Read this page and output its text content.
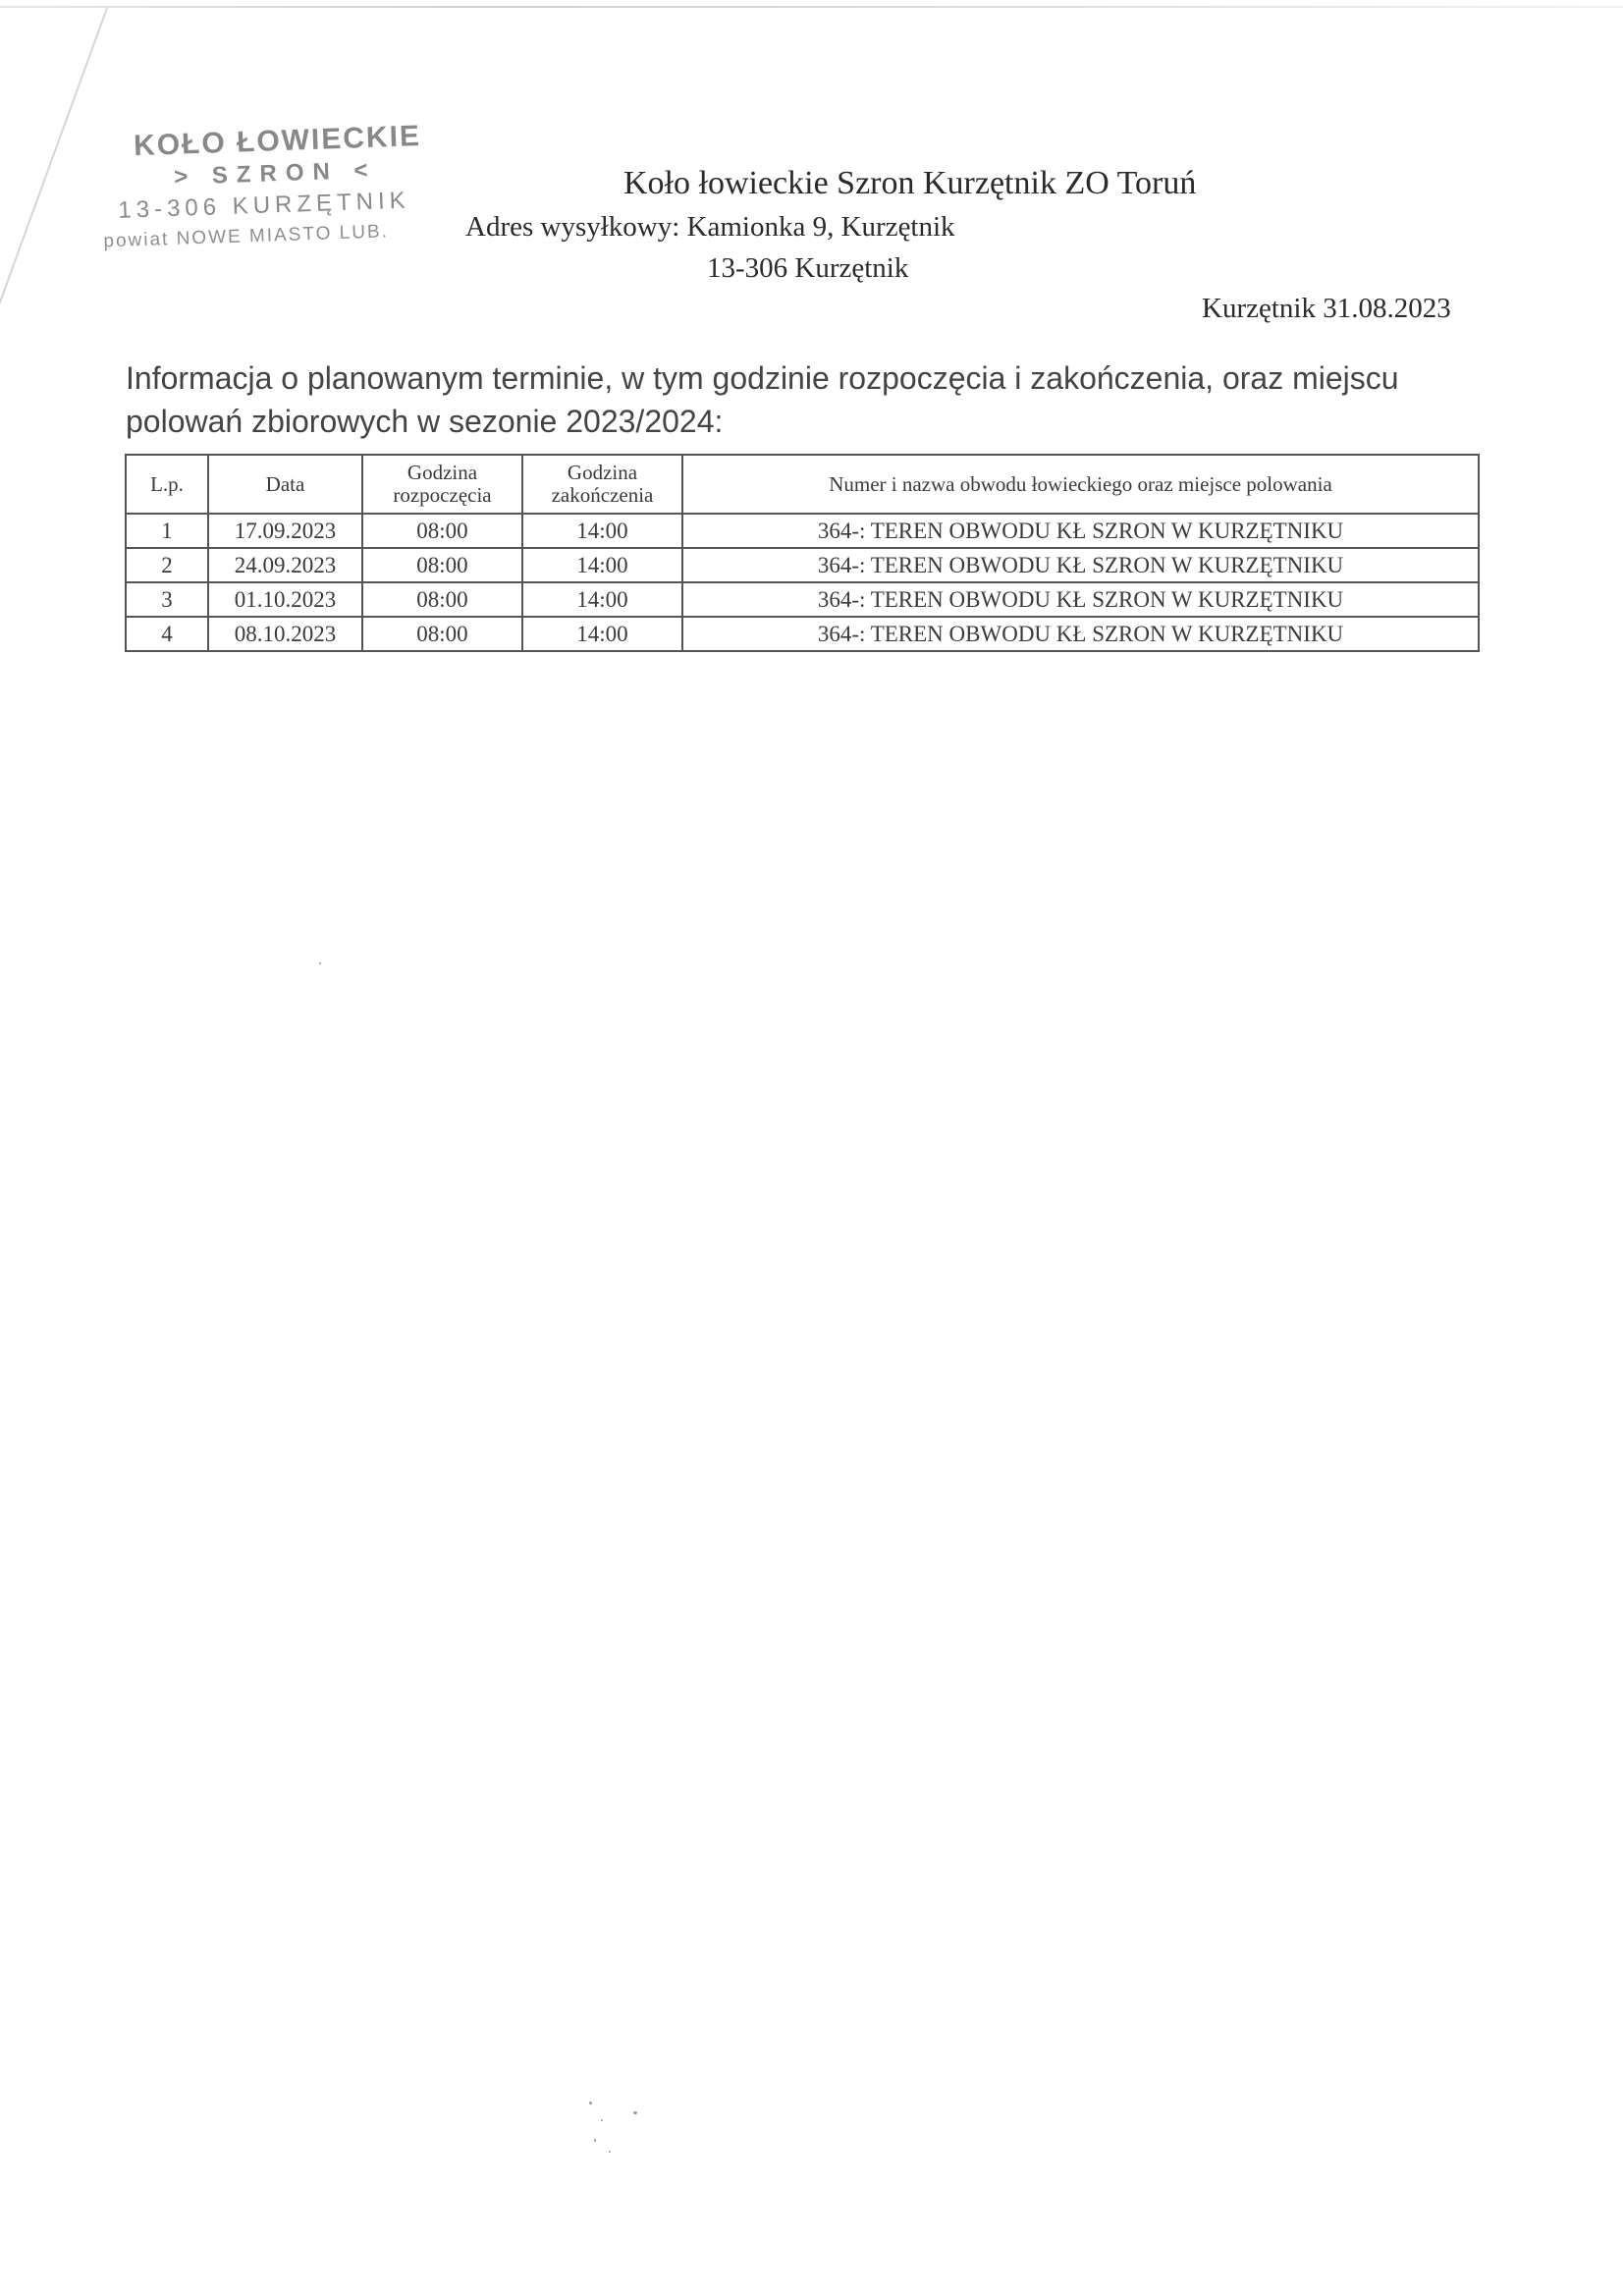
KOŁO ŁOWIECKIE
> SZRON <
13-306 KURZĘTNIK
powiat NOWE MIASTO LUB.
Koło łowieckie Szron Kurzętnik ZO Toruń
Adres wysyłkowy: Kamionka 9, Kurzętnik
13-306 Kurzętnik
Kurzętnik 31.08.2023
Informacja o planowanym terminie, w tym godzinie rozpoczęcia i zakończenia, oraz miejscu polowań zbiorowych w sezonie 2023/2024:
L.p.	Data	Godzina rozpoczęcia	Godzina zakończenia	Numer i nazwa obwodu łowieckiego oraz miejsce polowania
1	17.09.2023	08:00	14:00	364-: TEREN OBWODU KŁ SZRON W KURZĘTNIKU
2	24.09.2023	08:00	14:00	364-: TEREN OBWODU KŁ SZRON W KURZĘTNIKU
3	01.10.2023	08:00	14:00	364-: TEREN OBWODU KŁ SZRON W KURZĘTNIKU
4	08.10.2023	08:00	14:00	364-: TEREN OBWODU KŁ SZRON W KURZĘTNIKU
